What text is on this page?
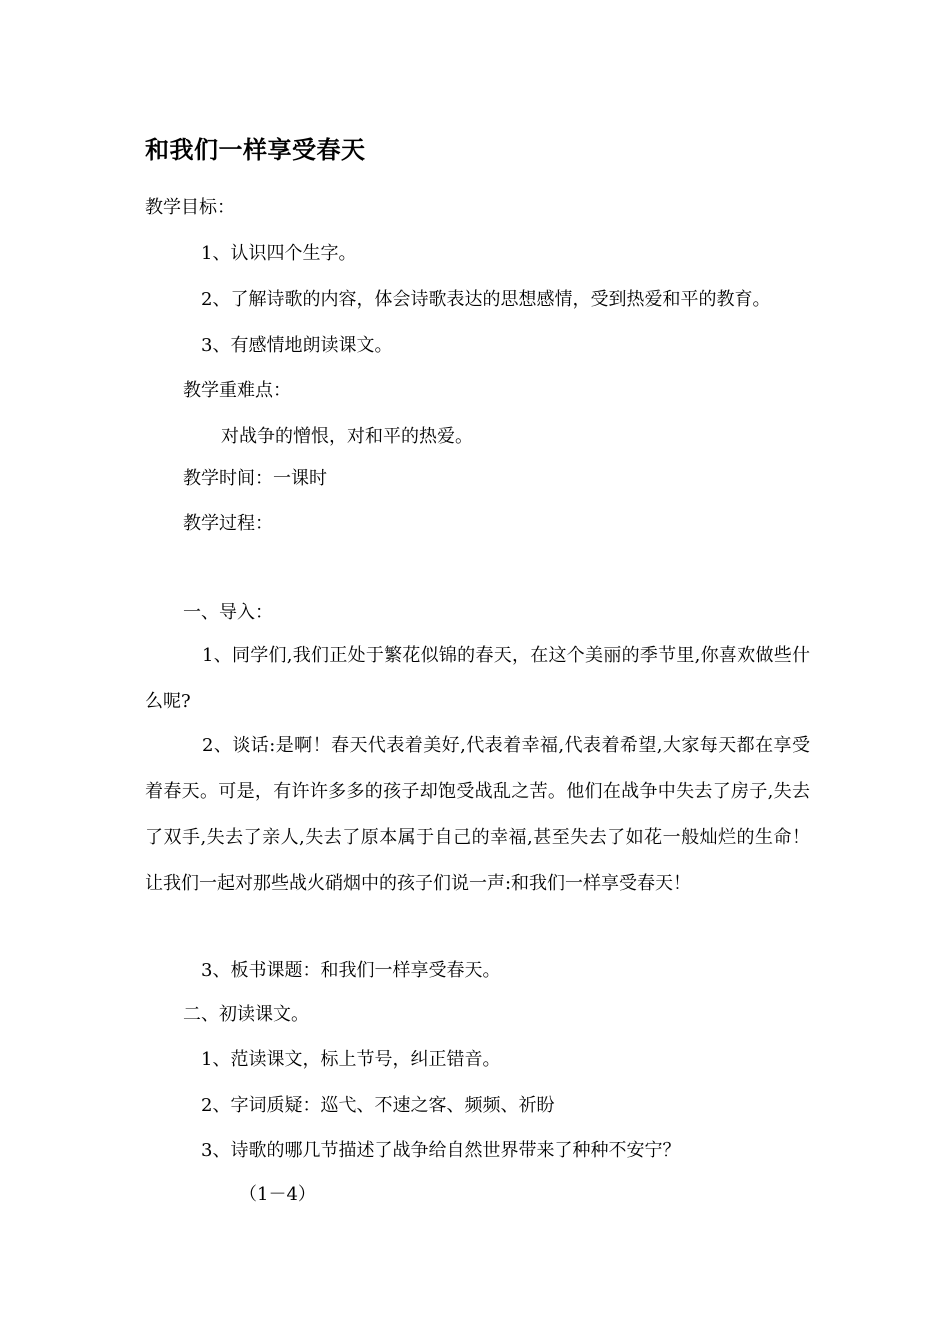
和我们一样享受春天

教学目标：

1、认识四个生字。

2、了解诗歌的内容，体会诗歌表达的思想感情，受到热爱和平的教育。

3、有感情地朗读课文。

教学重难点：

对战争的憎恨，对和平的热爱。

教学时间：一课时

教学过程：

一、导入：

1、同学们,我们正处于繁花似锦的春天，在这个美丽的季节里,你喜欢做些什么呢?

2、谈话:是啊！春天代表着美好,代表着幸福,代表着希望,大家每天都在享受着春天。可是，有许许多多的孩子却饱受战乱之苦。他们在战争中失去了房子,失去了双手,失去了亲人,失去了原本属于自己的幸福,甚至失去了如花一般灿烂的生命！让我们一起对那些战火硝烟中的孩子们说一声:和我们一样享受春天！

3、板书课题：和我们一样享受春天。

二、初读课文。

1、范读课文，标上节号，纠正错音。

2、字词质疑：巡弋、不速之客、频频、祈盼

3、诗歌的哪几节描述了战争给自然世界带来了种种不安宁？

（1－4）
